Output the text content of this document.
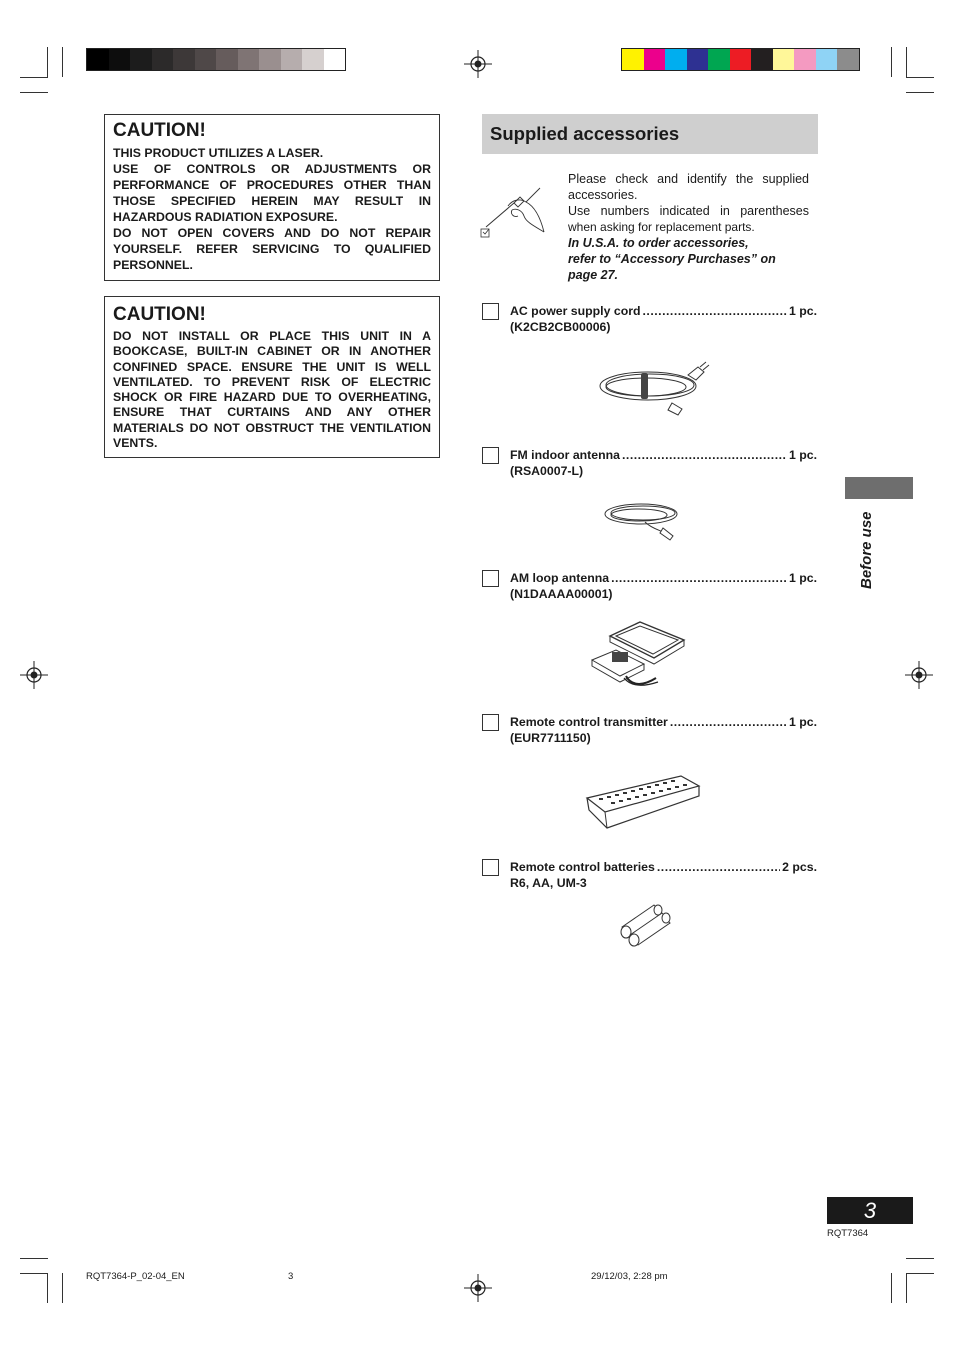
CAUTION!

THIS PRODUCT UTILIZES A LASER.

USE OF CONTROLS OR ADJUSTMENTS OR

PERFORMANCE OF PROCEDURES OTHER THAN

THOSE SPECIFIED HEREIN MAY RESULT IN

HAZARDOUS RADIATION EXPOSURE.

DO NOT OPEN COVERS AND DO NOT REPAIR

YOURSELF. REFER SERVICING TO QUALIFIED

PERSONNEL.

CAUTION!

DO NOT INSTALL OR PLACE THIS UNIT IN A

BOOKCASE, BUILT-IN CABINET OR IN ANOTHER

CONFINED SPACE. ENSURE THE UNIT IS WELL

VENTILATED. TO PREVENT RISK OF ELECTRIC

SHOCK OR FIRE HAZARD DUE TO OVERHEATING,

ENSURE THAT CURTAINS AND ANY OTHER

MATERIALS DO NOT OBSTRUCT THE VENTILATION

VENTS.

Supplied accessories
Please check and identify the supplied
accessories.
Use numbers indicated in parentheses
when asking for replacement parts.
In U.S.A. to order accessories,
refer to “Accessory Purchases” on
page 27.
AC power supply cord .....	1 pc.
(K2CB2CB00006)
FM indoor antenna .....	1 pc.
(RSA0007-L)
AM loop antenna .....	1 pc.
(N1DAAAA00001)
Remote control transmitter .....	1 pc.
(EUR7711150)
Remote control batteries .....	2 pcs.
R6, AA, UM-3
Before use
3
RQT7364
RQT7364-P_02-04_EN	3	29/12/03, 2:28 pm
